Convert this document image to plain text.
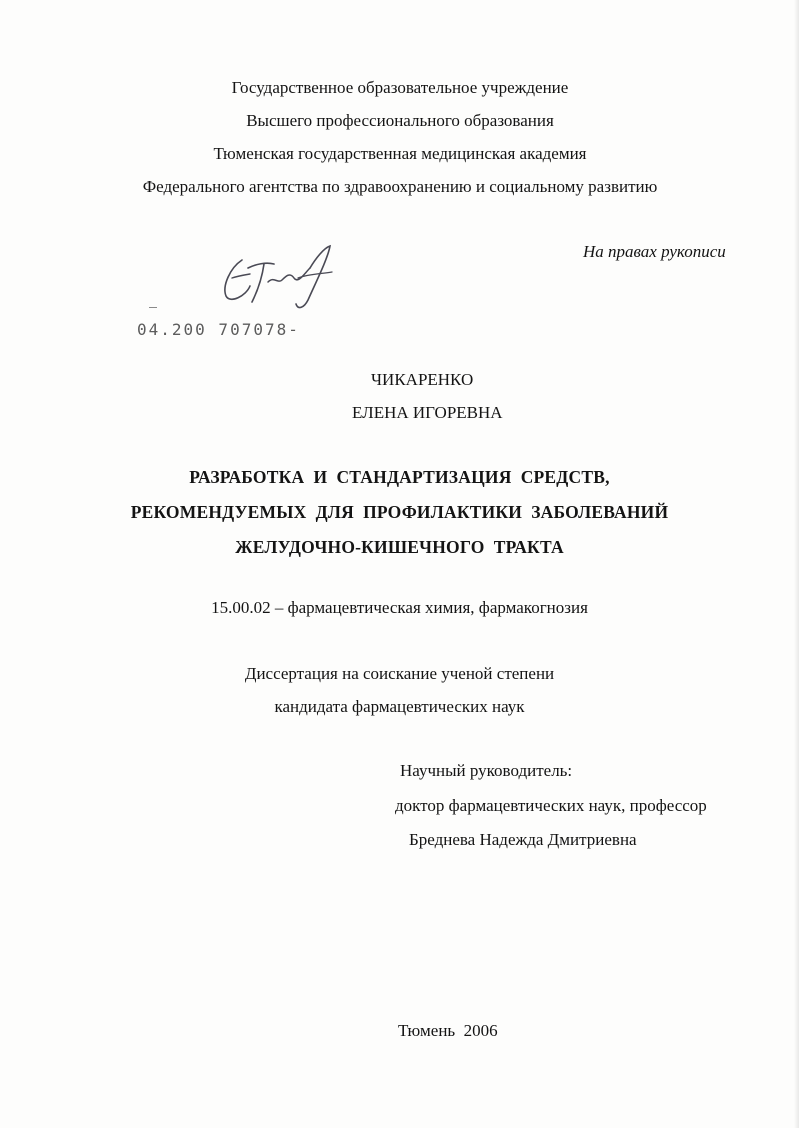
Государственное образовательное учреждение
Высшего профессионального образования
Тюменская государственная медицинская академия
Федерального агентства по здравоохранению и социальному развитию
На правах рукописи
04.200 707078-
ЧИКАРЕНКО
ЕЛЕНА ИГОРЕВНА
РАЗРАБОТКА  И  СТАНДАРТИЗАЦИЯ  СРЕДСТВ,
РЕКОМЕНДУЕМЫХ  ДЛЯ  ПРОФИЛАКТИКИ  ЗАБОЛЕВАНИЙ
ЖЕЛУДОЧНО-КИШЕЧНОГО  ТРАКТА
15.00.02 – фармацевтическая химия, фармакогнозия
Диссертация на соискание ученой степени
кандидата фармацевтических наук
Научный руководитель:
доктор фармацевтических наук, профессор
Бреднева Надежда Дмитриевна
Тюмень  2006
